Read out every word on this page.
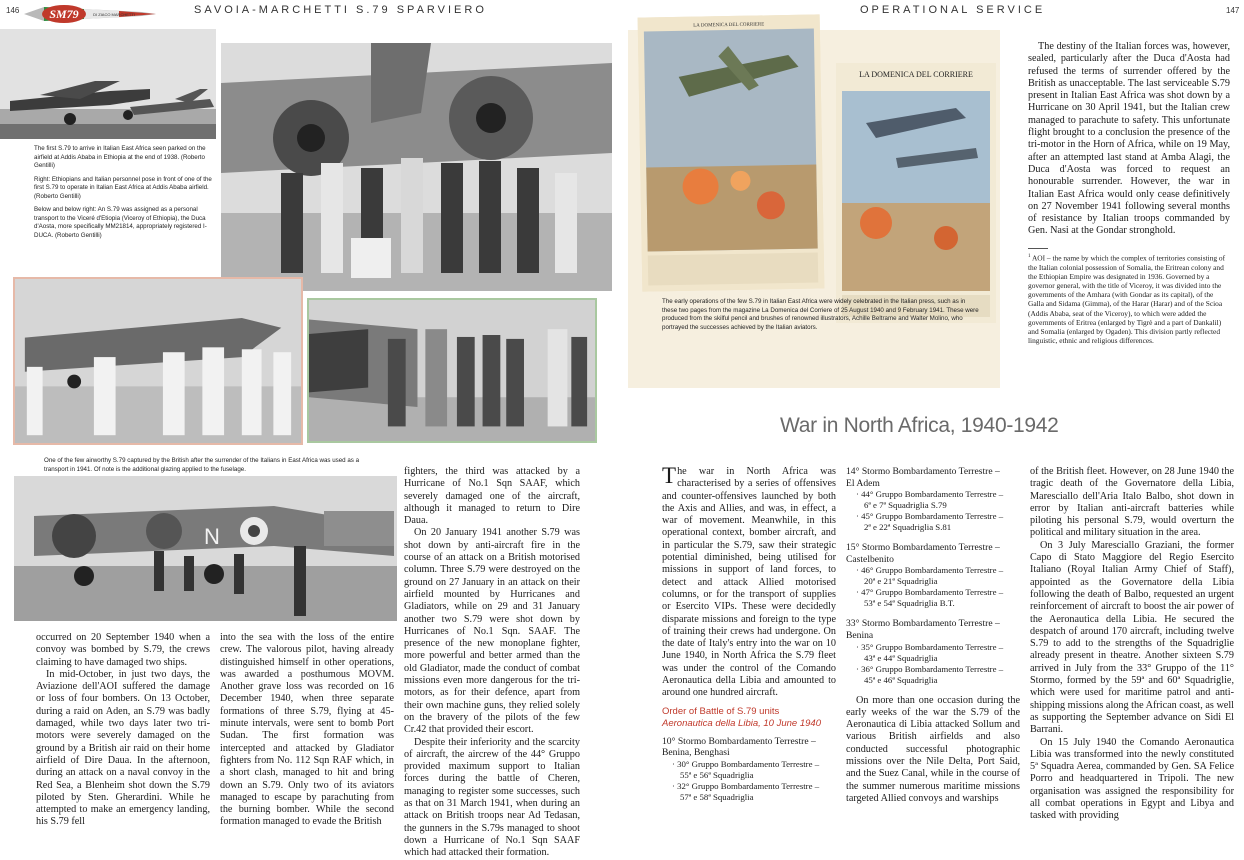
146 SM79	DI ZIACO MARCHETTI	SAVOIA-MARCHETTI S.79 SPARVIERO

The first S.79 to arrive in Italian East Africa seen parked on the airfield at Addis Ababa in Ethiopia at the end of 1938. (Roberto Gentilli)

Right: Ethiopians and Italian personnel pose in front of one of the first S.79 to operate in Italian East Africa at Addis Ababa airfield. (Roberto Gentilli)

Below and below right: An S.79 was assigned as a personal transport to the Viceré d'Etiopia (Viceroy of Ethiopia), the Duca d'Aosta, more specifically MM21814, appropriately registered I-DUCA. (Roberto Gentilli)

One of the few airworthy S.79 captured by the British after the surrender of the Italians in East Africa was used as a transport in 1941. Of note is the additional glazing applied to the fuselage.
N

occurred on 20 September 1940 when a convoy was bombed by S.79, the crews claiming to have damaged two ships.

In mid-October, in just two days, the Aviazione dell'AOI suffered the damage or loss of four bombers. On 13 October, during a raid on Aden, an S.79 was badly damaged, while two days later two tri-motors were severely damaged on the ground by a British air raid on their home airfield of Dire Daua. In the afternoon, during an attack on a naval convoy in the Red Sea, a Blenheim shot down the S.79 piloted by Sten. Gherardini. While he attempted to make an emergency landing, his S.79 fell

into the sea with the loss of the entire crew. The valorous pilot, having already distinguished himself in other operations, was awarded a posthumous MOVM. Another grave loss was recorded on 16 December 1940, when three separate formations of three S.79, flying at 45-minute intervals, were sent to bomb Port Sudan. The first formation was intercepted and attacked by Gladiator fighters from No. 112 Sqn RAF which, in a short clash, managed to hit and bring down an S.79. Only two of its aviators managed to escape by parachuting from the burning bomber. While the second formation managed to evade the British

fighters, the third was attacked by a Hurricane of No.1 Sqn SAAF, which severely damaged one of the aircraft, although it managed to return to Dire Daua.

On 20 January 1941 another S.79 was shot down by anti-aircraft fire in the course of an attack on a British motorised column. Three S.79 were destroyed on the ground on 27 January in an attack on their airfield mounted by Hurricanes and Gladiators, while on 29 and 31 January another two S.79 were shot down by Hurricanes of No.1 Sqn. SAAF. The presence of the new monoplane fighter, more powerful and better armed than the old Gladiator, made the conduct of combat missions even more dangerous for the tri-motors, as for their defence, apart from their own machine guns, they relied solely on the bravery of the pilots of the few Cr.42 that provided their escort.

Despite their inferiority and the scarcity of aircraft, the aircrew of the 44° Gruppo provided maximum support to Italian forces during the battle of Cheren, managing to register some successes, such as that on 31 March 1941, when during an attack on British troops near Ad Tedasan, the gunners in the S.79s managed to shoot down a Hurricane of No.1 Sqn SAAF which had attacked their formation.

OPERATIONAL SERVICE	147
LA DOMENICA DEL CORRIERE
LA DOMENICA DEL CORRIERE
The early operations of the few S.79 in Italian East Africa were widely celebrated in the Italian press, such as in these two pages from the magazine La Domenica del Corriere of 25 August 1940 and 9 February 1941. These were produced from the skilful pencil and brushes of renowned illustrators, Achille Beltrame and Walter Molino, who portrayed the successes achieved by the Italian aviators.

The destiny of the Italian forces was, however, sealed, particularly after the Duca d'Aosta had refused the terms of surrender offered by the British as unacceptable. The last serviceable S.79 present in Italian East Africa was shot down by a Hurricane on 30 April 1941, but the Italian crew managed to parachute to safety. This unfortunate flight brought to a conclusion the presence of the tri-motor in the Horn of Africa, while on 19 May, after an attempted last stand at Amba Alagi, the Duca d'Aosta was forced to request an honourable surrender. However, the war in Italian East Africa would only cease definitively on 27 November 1941 following several months of resistance by Italian troops commanded by Gen. Nasi at the Gondar stronghold.

$^1$ AOI – the name by which the complex of territories consisting of the Italian colonial possession of Somalia, the Eritrean colony and the Ethiopian Empire was designated in 1936. Governed by a governor general, with the title of Viceroy, it was divided into the governments of the Amhara (with Gondar as its capital), of the Galla and Sidama (Gimma), of the Harar (Harar) and of the Scioa (Addis Ababa, seat of the Viceroy), to which were added the governments of Eritrea (enlarged by Tigrè and a part of Dankalil) and Somalia (enlarged by Ogaden). This division partly reflected linguistic, ethnic and religious differences.
War in North Africa, 1940-1942

The war in North Africa was characterised by a series of offensives and counter-offensives launched by both the Axis and Allies, and was, in effect, a war of movement. Meanwhile, in this operational context, bomber aircraft, and in particular the S.79, saw their strategic potential diminished, being utilised for missions in support of land forces, to detect and attack Allied motorised columns, or for the transport of supplies or Esercito VIPs. These were decidedly disparate missions and foreign to the type of training their crews had undergone. On the date of Italy's entry into the war on 10 June 1940, in North Africa the S.79 fleet was under the control of the Comando Aeronautica della Libia and amounted to around one hundred aircraft.

Order of Battle of S.79 units
Aeronautica della Libia, 10 June 1940
10° Stormo Bombardamento Terrestre –
Benina, Benghasi
· 30° Gruppo Bombardamento Terrestre –
55ª e 56ª Squadriglia
· 32° Gruppo Bombardamento Terrestre –
57ª e 58ª Squadriglia
14° Stormo Bombardamento Terrestre –
El Adem
· 44° Gruppo Bombardamento Terrestre –
6ª e 7ª Squadriglia S.79
· 45° Gruppo Bombardamento Terrestre –
2ª e 22ª Squadriglia S.81
15° Stormo Bombardamento Terrestre –
Castelbenito
· 46° Gruppo Bombardamento Terrestre –
20ª e 21ª Squadriglia
· 47° Gruppo Bombardamento Terrestre –
53ª e 54ª Squadriglia B.T.
33° Stormo Bombardamento Terrestre –
Benina
· 35° Gruppo Bombardamento Terrestre –
43ª e 44ª Squadriglia
· 36° Gruppo Bombardamento Terrestre –
45ª e 46ª Squadriglia

On more than one occasion during the early weeks of the war the S.79 of the Aeronautica di Libia attacked Sollum and various British airfields and also conducted successful photographic missions over the Nile Delta, Port Said, and the Suez Canal, while in the course of the summer numerous maritime missions targeted Allied convoys and warships

of the British fleet. However, on 28 June 1940 the tragic death of the Governatore della Libia, Maresciallo dell'Aria Italo Balbo, shot down in error by Italian anti-aircraft batteries while piloting his personal S.79, would overturn the political and military situation in the area.

On 3 July Maresciallo Graziani, the former Capo di Stato Maggiore del Regio Esercito Italiano (Royal Italian Army Chief of Staff), appointed as the Governatore della Libia following the death of Balbo, requested an urgent reinforcement of aircraft to boost the air power of the Aeronautica della Libia. He secured the despatch of around 170 aircraft, including twelve S.79 to add to the strengths of the Squadriglie already present in theatre. Another sixteen S.79 arrived in July from the 33° Gruppo of the 11° Stormo, formed by the 59ª and 60ª Squadriglie, which were used for maritime patrol and anti-shipping missions along the African coast, as well as supporting the September advance on Sidi El Barrani.

On 15 July 1940 the Comando Aeronautica Libia was transformed into the newly constituted 5ª Squadra Aerea, commanded by Gen. SA Felice Porro and headquartered in Tripoli. The new organisation was assigned the responsibility for all combat operations in Egypt and Libya and tasked with providing
